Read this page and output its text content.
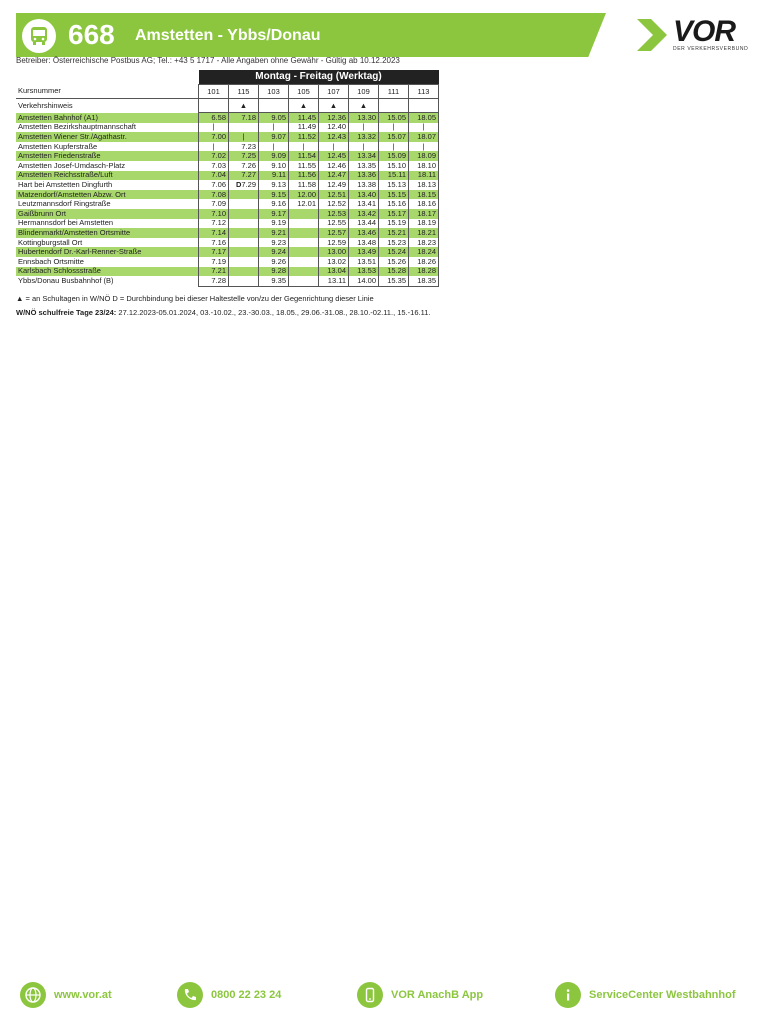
668 Amstetten - Ybbs/Donau	VOR
DER VERKEHRSVERBUND
Betreiber: Österreichische Postbus AG; Tel.: +43 5 1717 - Alle Angaben ohne Gewähr - Gültig ab 10.12.2023
	Montag - Freitag (Werktag)							
Kursnummer	101	115	103	105	107	109	111	113
Verkehrshinweis		▲		▲	▲	▲		
Amstetten Bahnhof (A1)	6.58	7.18	9.05	11.45	12.36	13.30	15.05	18.05
Amstetten Bezirkshauptmannschaft	|		|	11.49	12.40	|	|	|
Amstetten Wiener Str./Agathastr.	7.00	|	9.07	11.52	12.43	13.32	15.07	18.07
Amstetten Kupferstraße	|	7.23	|	|	|	|	|	|
Amstetten Friedenstraße	7.02	7.25	9.09	11.54	12.45	13.34	15.09	18.09
Amstetten Josef-Umdasch-Platz	7.03	7.26	9.10	11.55	12.46	13.35	15.10	18.10
Amstetten Reichsstraße/Luft	7.04	7.27	9.11	11.56	12.47	13.36	15.11	18.11
Hart bei Amstetten Dingfurth	7.06	D7.29	9.13	11.58	12.49	13.38	15.13	18.13
Matzendorf/Amstetten Abzw. Ort	7.08		9.15	12.00	12.51	13.40	15.15	18.15
Leutzmannsdorf Ringstraße	7.09		9.16	12.01	12.52	13.41	15.16	18.16
Gaißbrunn Ort	7.10		9.17		12.53	13.42	15.17	18.17
Hermannsdorf bei Amstetten	7.12		9.19		12.55	13.44	15.19	18.19
Blindenmarkt/Amstetten Ortsmitte	7.14		9.21		12.57	13.46	15.21	18.21
Kottingburgstall Ort	7.16		9.23		12.59	13.48	15.23	18.23
Hubertendorf Dr.-Karl-Renner-Straße	7.17		9.24		13.00	13.49	15.24	18.24
Ennsbach Ortsmitte	7.19		9.26		13.02	13.51	15.26	18.26
Karlsbach Schlossstraße	7.21		9.28		13.04	13.53	15.28	18.28
Ybbs/Donau Busbahnhof (B)	7.28		9.35		13.11	14.00	15.35	18.35
▲ = an Schultagen in W/NÖ D = Durchbindung bei dieser Haltestelle von/zu der Gegenrichtung dieser Linie
W/NÖ schulfreie Tage 23/24: 27.12.2023-05.01.2024, 03.-10.02., 23.-30.03., 18.05., 29.06.-31.08., 28.10.-02.11., 15.-16.11.
www.vor.at	0800 22 23 24	VOR AnachB App	ServiceCenter Westbahnhof
